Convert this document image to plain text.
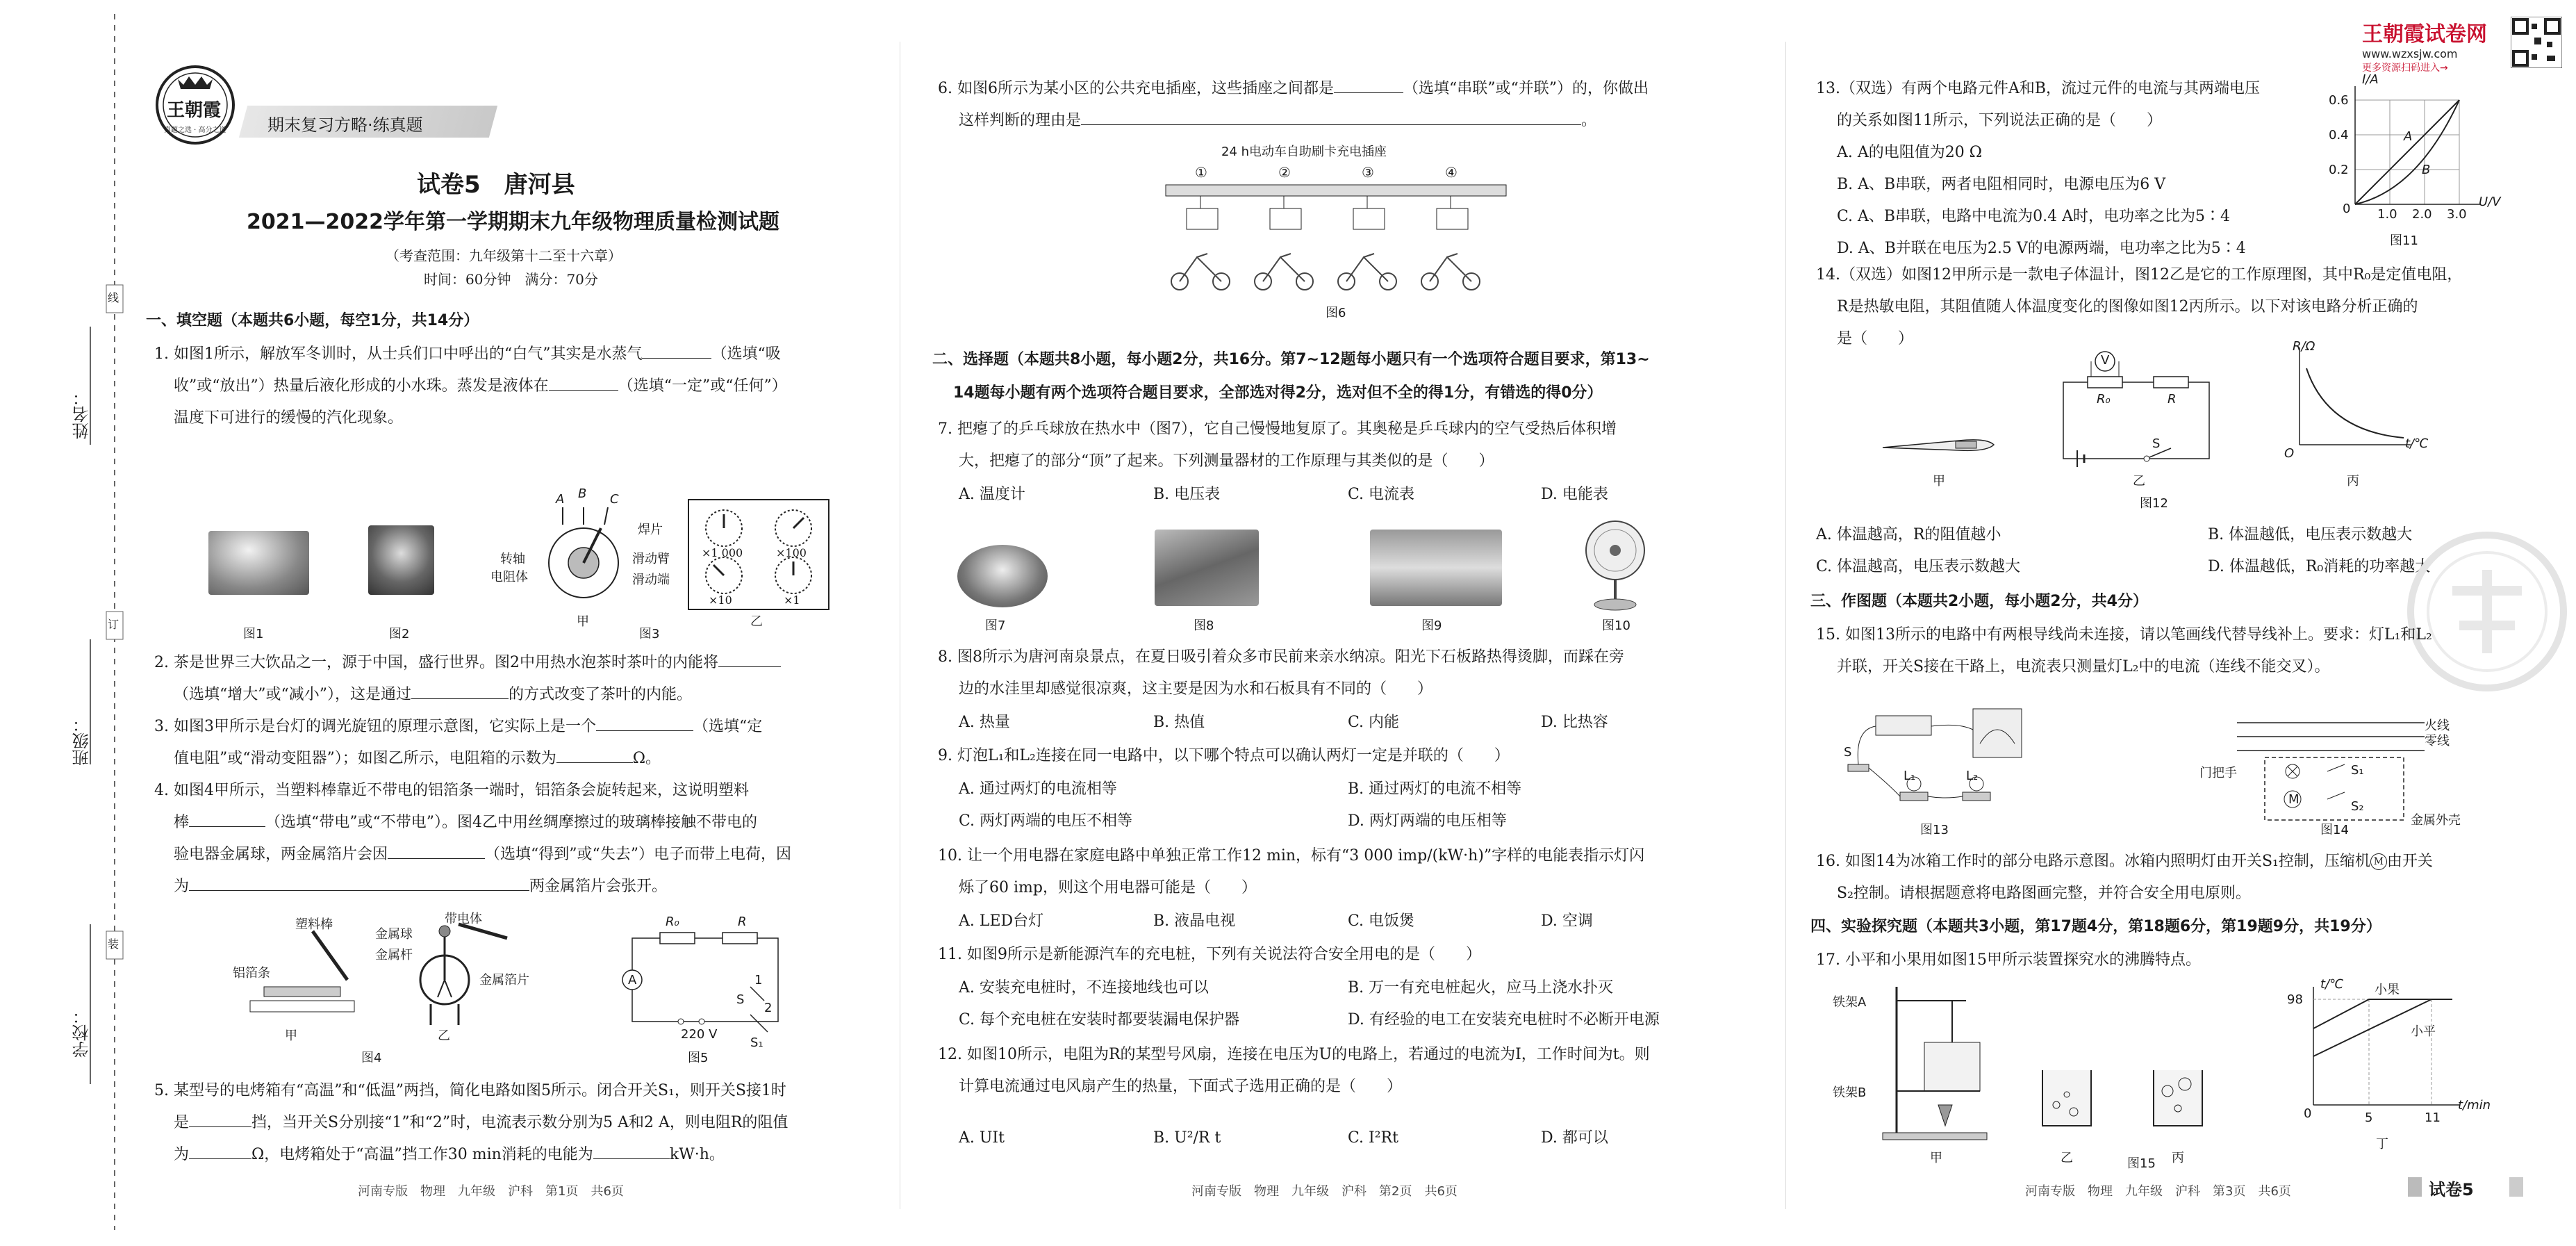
线
订
装
姓名：
班级：
学校：
王朝霞
真题之选 · 高分之道 期末复习方略·练真题
试卷5　唐河县
2021—2022学年第一学期期末九年级物理质量检测试题
（考查范围：九年级第十二至十六章）
时间：60分钟　满分：70分
一、填空题（本题共6小题，每空1分，共14分）
1. 如图1所示，解放军冬训时，从士兵们口中呼出的“白气”其实是水蒸气	（选填“吸
收”或“放出”）热量后液化形成的小水珠。蒸发是液体在	（选填“一定”或“任何”）
温度下可进行的缓慢的汽化现象。
图1	图2
A B C
转轴
电阻体
焊片
滑动臂
滑动端
甲
×1 000	×100
×10	×1
乙
图3
2. 茶是世界三大饮品之一，源于中国，盛行世界。图2中用热水泡茶时茶叶的内能将
（选填“增大”或“减小”），这是通过	的方式改变了茶叶的内能。
3. 如图3甲所示是台灯的调光旋钮的原理示意图，它实际上是一个	（选填“定
值电阻”或“滑动变阻器”）；如图乙所示，电阻箱的示数为	Ω。
4. 如图4甲所示，当塑料棒靠近不带电的铝箔条一端时，铝箔条会旋转起来，这说明塑料
棒	（选填“带电”或“不带电”）。图4乙中用丝绸摩擦过的玻璃棒接触不带电的
验电器金属球，两金属箔片会因	（选填“得到”或“失去”）电子而带上电荷，因
为	两金属箔片会张开。
塑料棒
铝箔条
带电体
金属球
金属杆
金属箔片
甲	乙
图4
R₀	R
A
220 V
S
S₁
1
2
图5
5. 某型号的电烤箱有“高温”和“低温”两挡，简化电路如图5所示。闭合开关S₁，则开关S接1时
是	挡，当开关S分别接“1”和“2”时，电流表示数分别为5 A和2 A，则电阻R的阻值
为	Ω，电烤箱处于“高温”挡工作30 min消耗的电能为	kW·h。
河南专版　物理　九年级　沪科　第1页　共6页
6. 如图6所示为某小区的公共充电插座，这些插座之间都是	（选填“串联”或“并联”）的，你做出
这样判断的理由是	。
24 h电动车自助刷卡充电插座
①	②	③	④
图6
二、选择题（本题共8小题，每小题2分，共16分。第7~12题每小题只有一个选项符合题目要求，第13~
14题每小题有两个选项符合题目要求，全部选对得2分，选对但不全的得1分，有错选的得0分）
7. 把瘪了的乒乓球放在热水中（图7），它自己慢慢地复原了。其奥秘是乒乓球内的空气受热后体积增
大，把瘪了的部分“顶”了起来。下列测量器材的工作原理与其类似的是（　　）
A. 温度计	B. 电压表	C. 电流表	D. 电能表
图7	图8	图9	图10
8. 图8所示为唐河南泉景点，在夏日吸引着众多市民前来亲水纳凉。阳光下石板路热得烫脚，而踩在旁
边的水洼里却感觉很凉爽，这主要是因为水和石板具有不同的（　　）
A. 热量	B. 热值	C. 内能	D. 比热容
9. 灯泡L₁和L₂连接在同一电路中，以下哪个特点可以确认两灯一定是并联的（　　）
A. 通过两灯的电流相等	B. 通过两灯的电流不相等
C. 两灯两端的电压不相等	D. 两灯两端的电压相等
10. 让一个用电器在家庭电路中单独正常工作12 min，标有“3 000 imp/(kW·h)”字样的电能表指示灯闪
烁了60 imp，则这个用电器可能是（　　）
A. LED台灯	B. 液晶电视	C. 电饭煲	D. 空调
11. 如图9所示是新能源汽车的充电桩，下列有关说法符合安全用电的是（　　）
A. 安装充电桩时，不连接地线也可以	B. 万一有充电桩起火，应马上浇水扑灭
C. 每个充电桩在安装时都要装漏电保护器	D. 有经验的电工在安装充电桩时不必断开电源
12. 如图10所示，电阻为R的某型号风扇，连接在电压为U的电路上，若通过的电流为I，工作时间为t。则
计算电流通过电风扇产生的热量，下面式子选用正确的是（　　）
A. UIt	B. U²/R t	C. I²Rt	D. 都可以
河南专版　物理　九年级　沪科　第2页　共6页
王朝霞试卷网
www.wzxsjw.com
更多资源扫码进入→
13.（双选）有两个电路元件A和B，流过元件的电流与其两端电压
的关系如图11所示，下列说法正确的是（　　）
A. A的电阻值为20 Ω
B. A、B串联，两者电阻相同时，电源电压为6 V
C. A、B串联，电路中电流为0.4 A时，电功率之比为5∶4
D. A、B并联在电压为2.5 V的电源两端，电功率之比为5∶4
I/A
U/V
A
B
0
0.6
0.4
0.2
1.0 2.0 3.0
图11
14.（双选）如图12甲所示是一款电子体温计，图12乙是它的工作原理图，其中R₀是定值电阻，
R是热敏电阻，其阻值随人体温度变化的图像如图12丙所示。以下对该电路分析正确的
是（　　）
甲
V
R₀	R
S
乙
R/Ω
t/℃
O
丙
图12
A. 体温越高，R的阻值越小	B. 体温越低，电压表示数越大
C. 体温越高，电压表示数越大	D. 体温越低，R₀消耗的功率越大
三、作图题（本题共2小题，每小题2分，共4分）
15. 如图13所示的电路中有两根导线尚未连接，请以笔画线代替导线补上。要求：灯L₁和L₂
并联，开关S接在干路上，电流表只测量灯L₂中的电流（连线不能交叉）。
S
L₁	L₂
图13
火线
零线
门把手
M
S₁
S₂
金属外壳
图14
16. 如图14为冰箱工作时的部分电路示意图。冰箱内照明灯由开关S₁控制，压缩机 M 由开关
S₂控制。请根据题意将电路图画完整，并符合安全用电原则。
四、实验探究题（本题共3小题，第17题4分，第18题6分，第19题9分，共19分）
17. 小平和小果用如图15甲所示装置探究水的沸腾特点。
铁架A
铁架B
甲	乙	丙
t/℃
98
小果
小平
0	5	11
t/min
丁
图15
河南专版　物理　九年级　沪科　第3页　共6页	试卷5
